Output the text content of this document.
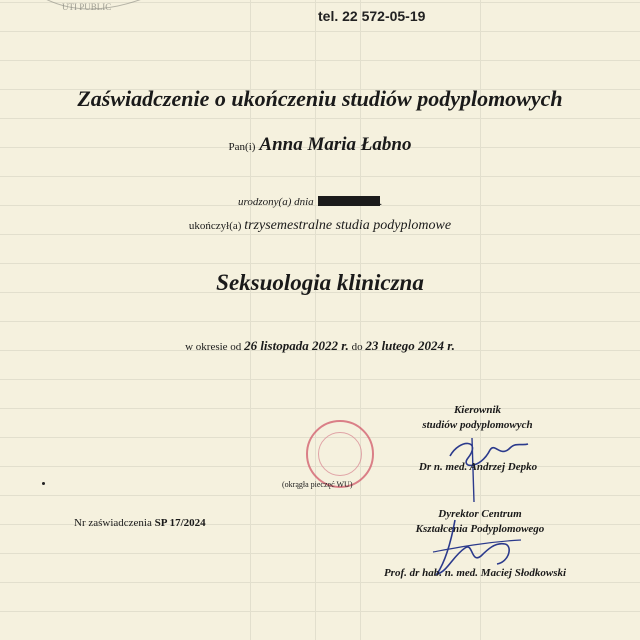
UTI PUBLIC
tel. 22 572-05-19
Zaświadczenie o ukończeniu studiów podyplomowych
Pan(i) Anna Maria Łabno
urodzony(a) dnia	.
ukończył(a) trzysemestralne studia podyplomowe
Seksuologia kliniczna
w okresie od 26 listopada 2022 r. do 23 lutego 2024 r.
Kierownik
studiów podyplomowych
(okrągła pieczęć WU)
Dr n. med. Andrzej Depko
Dyrektor Centrum
Kształcenia Podyplomowego
Prof. dr hab. n. med. Maciej Słodkowski
Nr zaświadczenia SP 17/2024
